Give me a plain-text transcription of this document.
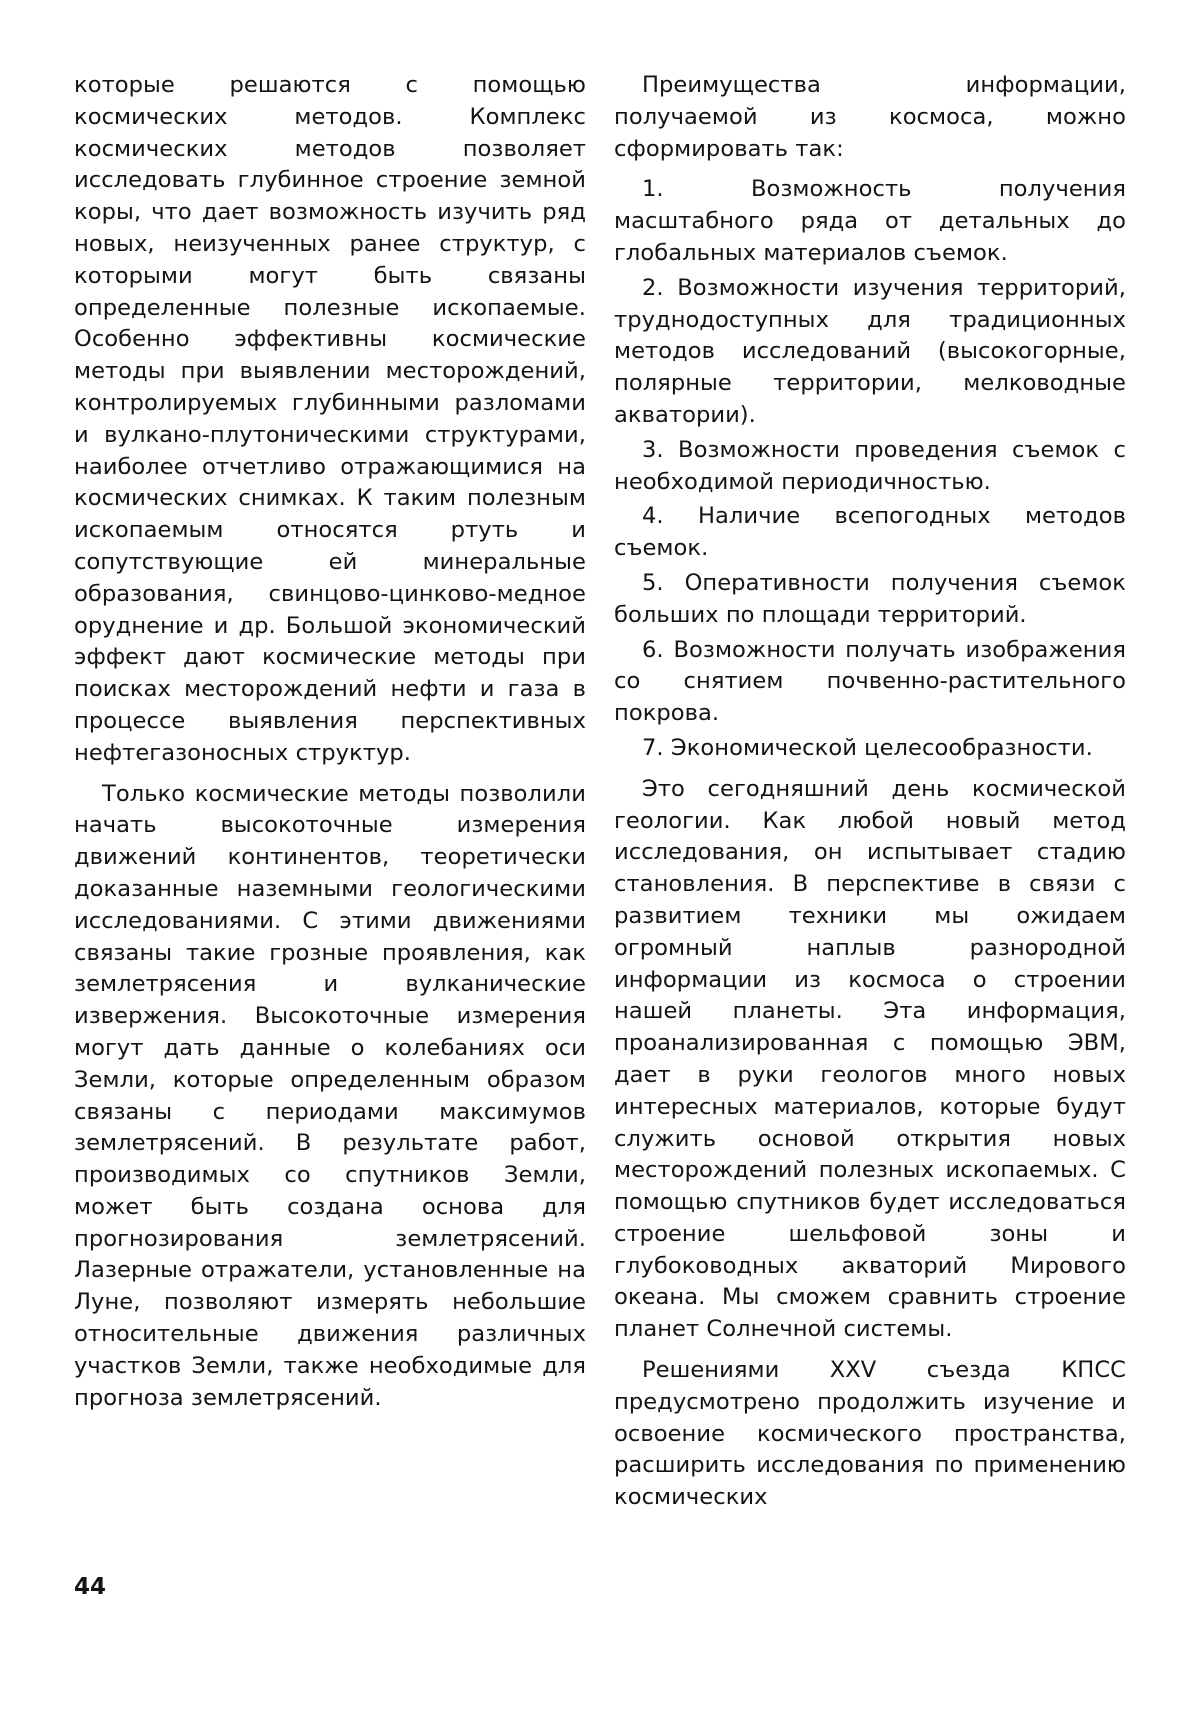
которые решаются с помощью космических методов. Комплекс космических методов позволяет исследовать глубинное строение земной коры, что дает возможность изучить ряд новых, неизученных ранее структур, с которыми могут быть связаны определенные полезные ископаемые. Особенно эффективны космические методы при выявлении месторождений, контролируемых глубинными разломами и вулкано-плутоническими структурами, наиболее отчетливо отражающимися на космических снимках. К таким полезным ископаемым относятся ртуть и сопутствующие ей минеральные образования, свинцово-цинково-медное оруднение и др. Большой экономический эффект дают космические методы при поисках месторождений нефти и газа в процессе выявления перспективных нефтегазоносных структур.

Только космические методы позволили начать высокоточные измерения движений континентов, теоретически доказанные наземными геологическими исследованиями. С этими движениями связаны такие грозные проявления, как землетрясения и вулканические извержения. Высокоточные измерения могут дать данные о колебаниях оси Земли, которые определенным образом связаны с периодами максимумов землетрясений. В результате работ, производимых со спутников Земли, может быть создана основа для прогнозирования землетрясений. Лазерные отражатели, установленные на Луне, позволяют измерять небольшие относительные движения различных участков Земли, также необходимые для прогноза землетрясений.

Преимущества информации, получаемой из космоса, можно сформировать так:

1. Возможность получения масштабного ряда от детальных до глобальных материалов съемок.

2. Возможности изучения территорий, труднодоступных для традиционных методов исследований (высокогорные, полярные территории, мелководные акватории).

3. Возможности проведения съемок с необходимой периодичностью.

4. Наличие всепогодных методов съемок.

5. Оперативности получения съемок больших по площади территорий.

6. Возможности получать изображения со снятием почвенно-растительного покрова.

7. Экономической целесообразности.

Это сегодняшний день космической геологии. Как любой новый метод исследования, он испытывает стадию становления. В перспективе в связи с развитием техники мы ожидаем огромный наплыв разнородной информации из космоса о строении нашей планеты. Эта информация, проанализированная с помощью ЭВМ, дает в руки геологов много новых интересных материалов, которые будут служить основой открытия новых месторождений полезных ископаемых. С помощью спутников будет исследоваться строение шельфовой зоны и глубоководных акваторий Мирового океана. Мы сможем сравнить строение планет Солнечной системы.

Решениями XXV съезда КПСС предусмотрено продолжить изучение и освоение космического пространства, расширить исследования по применению космических

44
